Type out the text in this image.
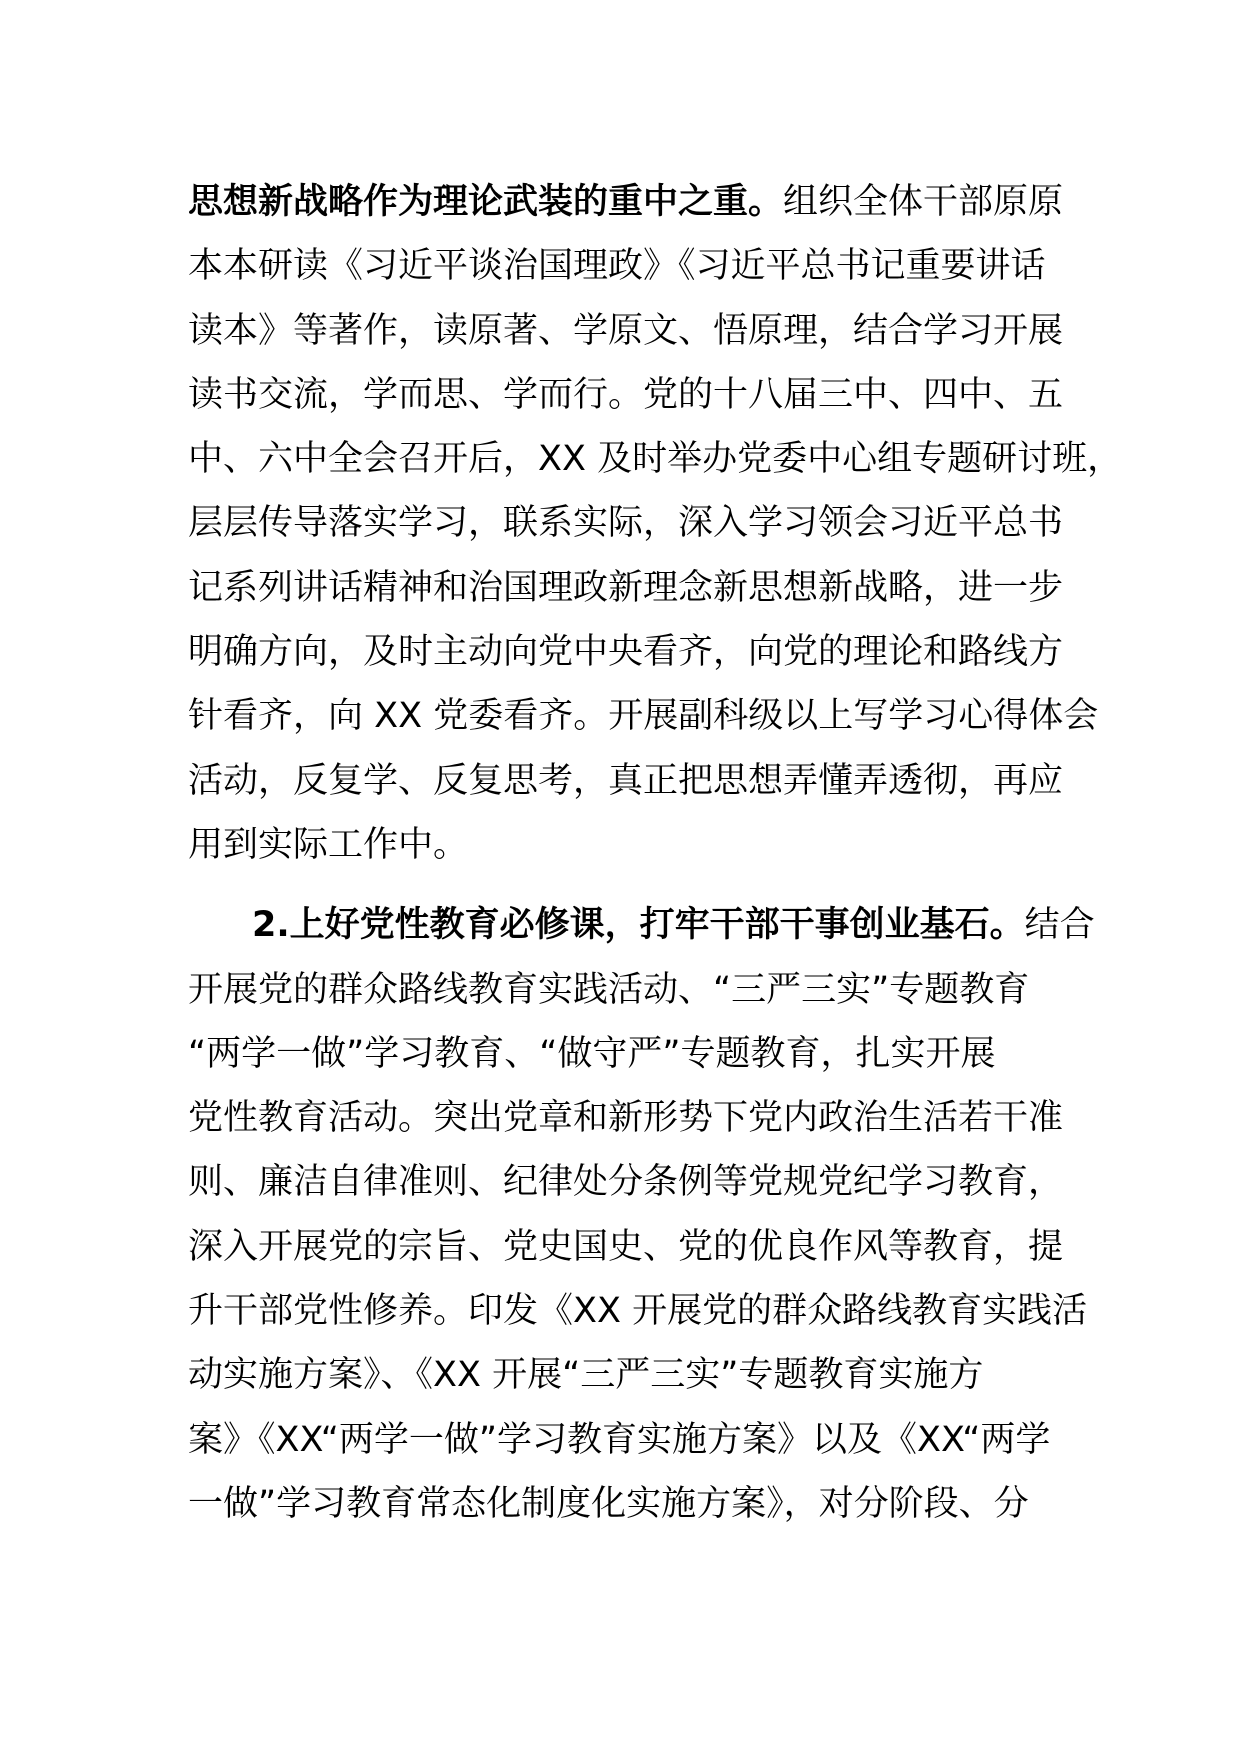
思想新战略作为理论武装的重中之重。组织全体干部原原
本本研读《习近平谈治国理政》《习近平总书记重要讲话
读本》等著作，读原著、学原文、悟原理，结合学习开展
读书交流，学而思、学而行。党的十八届三中、四中、五
中、六中全会召开后，XX 及时举办党委中心组专题研讨班，
层层传导落实学习，联系实际，深入学习领会习近平总书
记系列讲话精神和治国理政新理念新思想新战略，进一步
明确方向，及时主动向党中央看齐，向党的理论和路线方
针看齐，向 XX 党委看齐。开展副科级以上写学习心得体会
活动，反复学、反复思考，真正把思想弄懂弄透彻，再应
用到实际工作中。
2.上好党性教育必修课，打牢干部干事创业基石。结合
开展党的群众路线教育实践活动、“三严三实”专题教育
“两学一做”学习教育、“做守严”专题教育，扎实开展
党性教育活动。突出党章和新形势下党内政治生活若干准
则、廉洁自律准则、纪律处分条例等党规党纪学习教育，
深入开展党的宗旨、党史国史、党的优良作风等教育，提
升干部党性修养。印发《XX 开展党的群众路线教育实践活
动实施方案》、《XX 开展“三严三实”专题教育实施方
案》《XX“两学一做”学习教育实施方案》以及《XX“两学
一做”学习教育常态化制度化实施方案》，对分阶段、分
